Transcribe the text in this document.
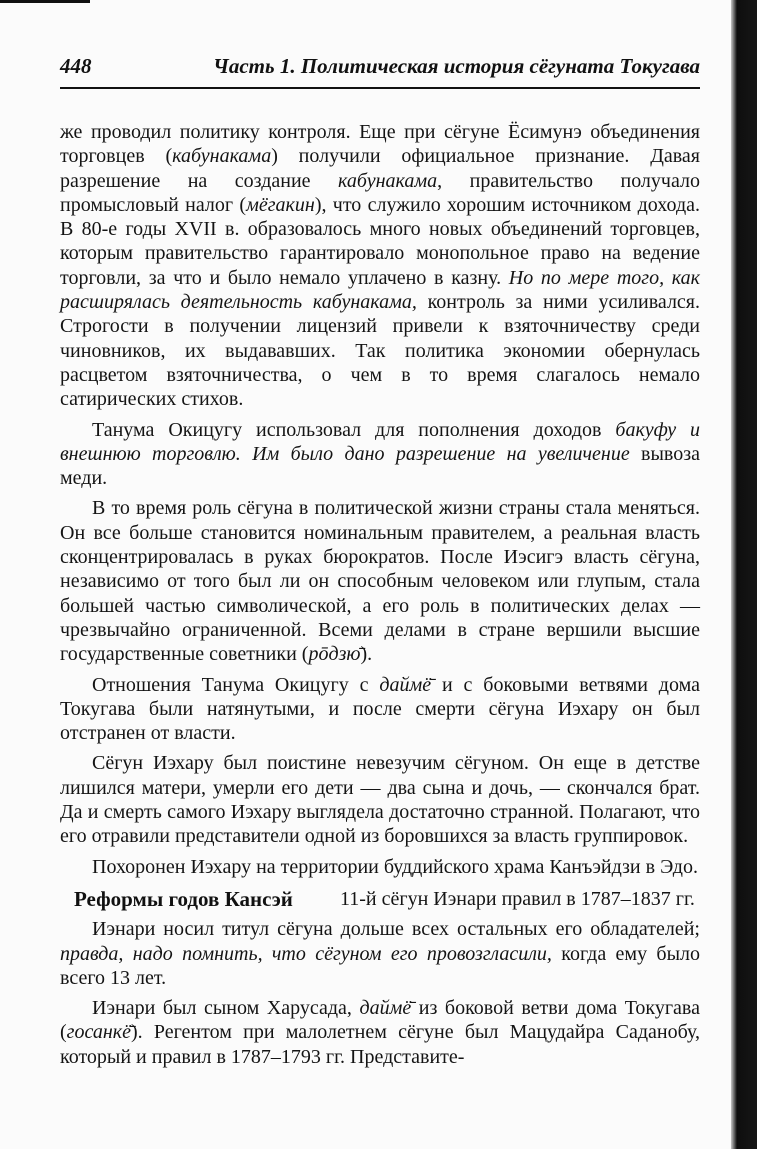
448	Часть 1. Политическая история сёгуната Токугава

же проводил политику контроля. Еще при сёгуне Ёсимунэ объединения торговцев (кабунакама) получили официальное признание. Давая разрешение на создание кабунакама, правительство получало промысловый налог (мёгакин), что служило хорошим источником дохода. В 80-е годы XVII в. образовалось много новых объединений торговцев, которым правительство гарантировало монопольное право на ведение торговли, за что и было немало уплачено в казну. Но по мере того, как расширялась деятельность кабунакама, контроль за ними усиливался. Строгости в получении лицензий привели к взяточничеству среди чиновников, их выдававших. Так политика экономии обернулась расцветом взяточничества, о чем в то время слагалось немало сатирических стихов.

Танума Окицугу использовал для пополнения доходов бакуфу и внешнюю торговлю. Им было дано разрешение на увеличение вывоза меди.

В то время роль сёгуна в политической жизни страны стала меняться. Он все больше становится номинальным правителем, а реальная власть сконцентрировалась в руках бюрократов. После Иэсигэ власть сёгуна, независимо от того был ли он способным человеком или глупым, стала большей частью символической, а его роль в политических делах — чрезвычайно ограниченной. Всеми делами в стране вершили высшие государственные советники (рōдзю̄).

Отношения Танума Окицугу с даймё̄ и с боковыми ветвями дома Токугава были натянутыми, и после смерти сёгуна Иэхару он был отстранен от власти.

Сёгун Иэхару был поистине невезучим сёгуном. Он еще в детстве лишился матери, умерли его дети — два сына и дочь, — скончался брат. Да и смерть самого Иэхару выглядела достаточно странной. Полагают, что его отравили представители одной из боровшихся за власть группировок.

Похоронен Иэхару на территории буддийского храма Канъэйдзи в Эдо.

Реформы годов Кансэй 11-й сёгун Иэнари правил в 1787–1837 гг.

Иэнари носил титул сёгуна дольше всех остальных его обладателей; правда, надо помнить, что сёгуном его провозгласили, когда ему было всего 13 лет.

Иэнари был сыном Харусада, даймё̄ из боковой ветви дома Токугава (госанкё̄). Регентом при малолетнем сёгуне был Мацудайра Саданобу, который и правил в 1787–1793 гг. Представите-
